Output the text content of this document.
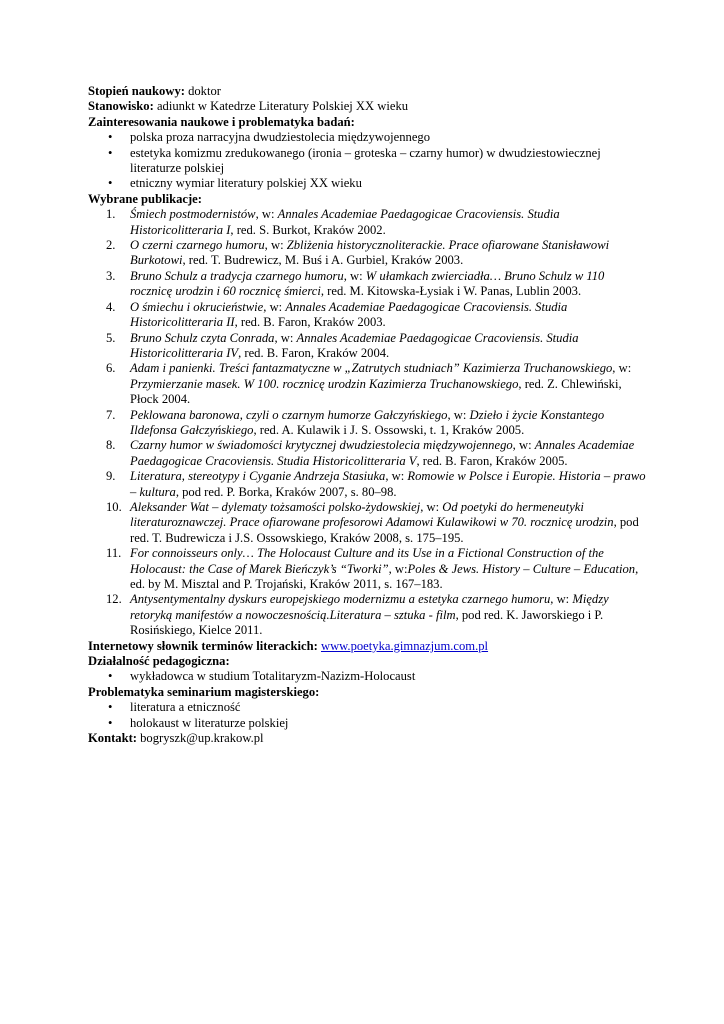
Stopień naukowy: doktor

Stanowisko: adiunkt w Katedrze Literatury Polskiej XX wieku

Zainteresowania naukowe i problematyka badań:

• polska proza narracyjna dwudziestolecia międzywojennego
• estetyka komizmu zredukowanego (ironia – groteska – czarny humor) w dwudziestowiecznej literaturze polskiej
• etniczny wymiar literatury polskiej XX wieku

Wybrane publikacje:

1.	Śmiech postmodernistów, w: Annales Academiae Paedagogicae Cracoviensis. Studia Historicolitteraria I, red. S. Burkot, Kraków 2002.
2.	O czerni czarnego humoru, w: Zbliżenia historycznoliterackie. Prace ofiarowane Stanisławowi Burkotowi, red. T. Budrewicz, M. Buś i A. Gurbiel, Kraków 2003.
3.	Bruno Schulz a tradycja czarnego humoru, w: W ułamkach zwierciadła… Bruno Schulz w 110 rocznicę urodzin i 60 rocznicę śmierci, red. M. Kitowska-Łysiak i W. Panas, Lublin 2003.
4.	O śmiechu i okrucieństwie, w: Annales Academiae Paedagogicae Cracoviensis. Studia Historicolitteraria II, red. B. Faron, Kraków 2003.
5.	Bruno Schulz czyta Conrada, w: Annales Academiae Paedagogicae Cracoviensis. Studia Historicolitteraria IV, red. B. Faron, Kraków 2004.
6.	Adam i panienki. Treści fantazmatyczne w „Zatrutych studniach” Kazimierza Truchanowskiego, w: Przymierzanie masek. W 100. rocznicę urodzin Kazimierza Truchanowskiego, red. Z. Chlewiński, Płock 2004.
7.	Peklowana baronowa, czyli o czarnym humorze Gałczyńskiego, w: Dzieło i życie Konstantego Ildefonsa Gałczyńskiego, red. A. Kulawik i J. S. Ossowski, t. 1, Kraków 2005.
8.	Czarny humor w świadomości krytycznej dwudziestolecia międzywojennego, w: Annales Academiae Paedagogicae Cracoviensis. Studia Historicolitteraria V, red. B. Faron, Kraków 2005.
9.	Literatura, stereotypy i Cyganie Andrzeja Stasiuka, w: Romowie w Polsce i Europie. Historia – prawo – kultura, pod red. P. Borka, Kraków 2007, s. 80–98.
10. Aleksander Wat – dylematy tożsamości polsko-żydowskiej, w: Od poetyki do hermeneutyki literaturoznawczej. Prace ofiarowane profesorowi Adamowi Kulawikowi w 70. rocznicę urodzin, pod red. T. Budrewicza i J.S. Ossowskiego, Kraków 2008, s. 175–195.
11. For connoisseurs only… The Holocaust Culture and its Use in a Fictional Construction of the Holocaust: the Case of Marek Bieńczyk’s “Tworki”, w:Poles & Jews. History – Culture – Education, ed. by M. Misztal and P. Trojański, Kraków 2011, s. 167–183.
12. Antysentymentalny dyskurs europejskiego modernizmu a estetyka czarnego humoru, w: Między retoryką manifestów a nowoczesnością.Literatura – sztuka - film, pod red. K. Jaworskiego i P. Rosińskiego, Kielce 2011.

Internetowy słownik terminów literackich: www.poetyka.gimnazjum.com.pl

Działalność pedagogiczna:

• wykładowca w studium Totalitaryzm-Nazizm-Holocaust

Problematyka seminarium magisterskiego:

• literatura a etniczność
• holokaust w literaturze polskiej

Kontakt: bogryszk@up.krakow.pl
